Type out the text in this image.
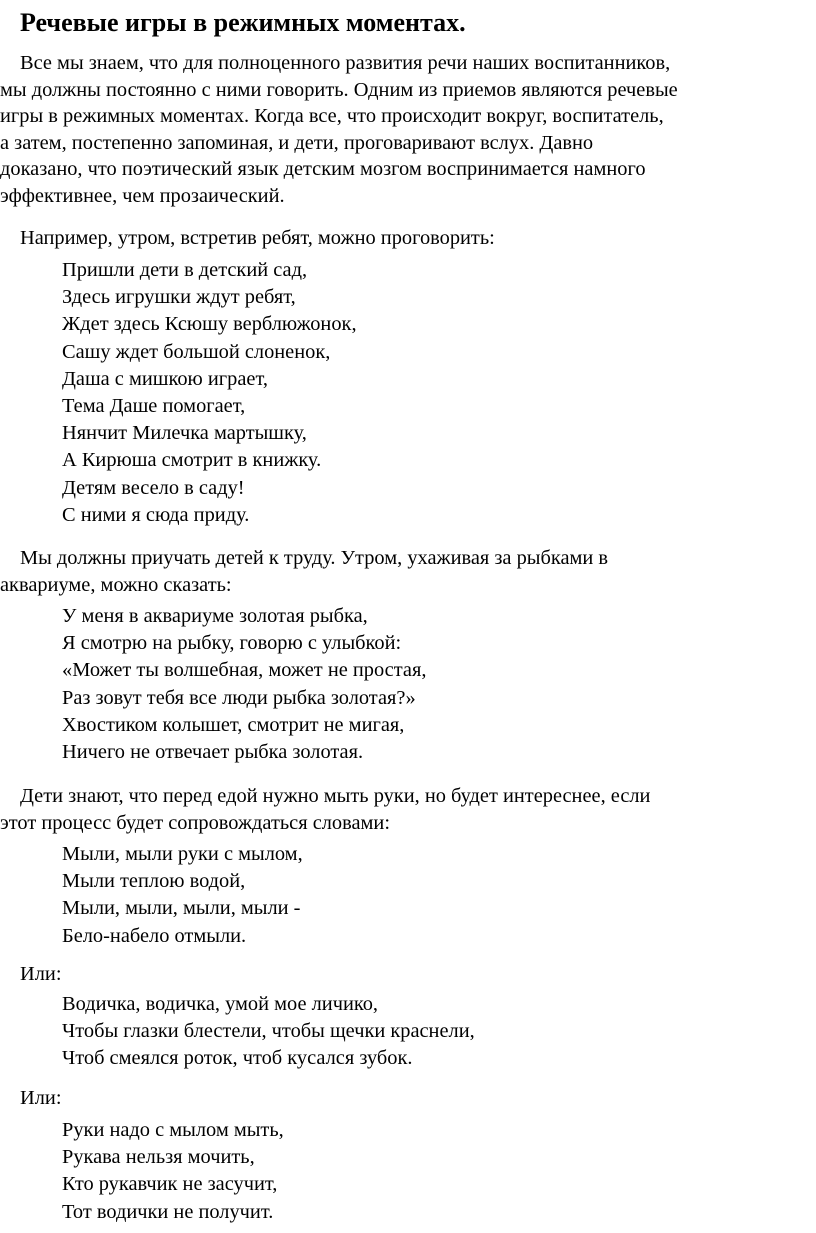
Речевые игры в режимных моментах.
Все мы знаем, что для полноценного развития речи наших воспитанников,
мы должны постоянно с ними говорить. Одним из приемов являются речевые
игры в режимных моментах. Когда все, что происходит вокруг, воспитатель,
а затем, постепенно запоминая, и дети, проговаривают вслух. Давно
доказано, что поэтический язык детским мозгом воспринимается намного
эффективнее, чем прозаический.

Например, утром, встретив ребят, можно проговорить:

Пришли дети в детский сад,
Здесь игрушки ждут ребят,
Ждет здесь Ксюшу верблюжонок,
Сашу ждет большой слоненок,
Даша с мишкою играет,
Тема Даше помогает,
Нянчит Милечка мартышку,
А Кирюша смотрит в книжку.
Детям весело в саду!
С ними я сюда приду.
Мы должны приучать детей к труду. Утром, ухаживая за рыбками в
аквариуме, можно сказать:
У меня в аквариуме золотая рыбка,
Я смотрю на рыбку, говорю с улыбкой:
«Может ты волшебная, может не простая,
Раз зовут тебя все люди рыбка золотая?»
Хвостиком колышет, смотрит не мигая,
Ничего не отвечает рыбка золотая.
Дети знают, что перед едой нужно мыть руки, но будет интереснее, если
этот процесс будет сопровождаться словами:
Мыли, мыли руки с мылом,
Мыли теплою водой,
Мыли, мыли, мыли, мыли -
Бело-набело отмыли.

Или:

Водичка, водичка, умой мое личико,
Чтобы глазки блестели, чтобы щечки краснели,
Чтоб смеялся роток, чтоб кусался зубок.

Или:

Руки надо с мылом мыть,
Рукава нельзя мочить,
Кто рукавчик не засучит,
Тот водички не получит.
